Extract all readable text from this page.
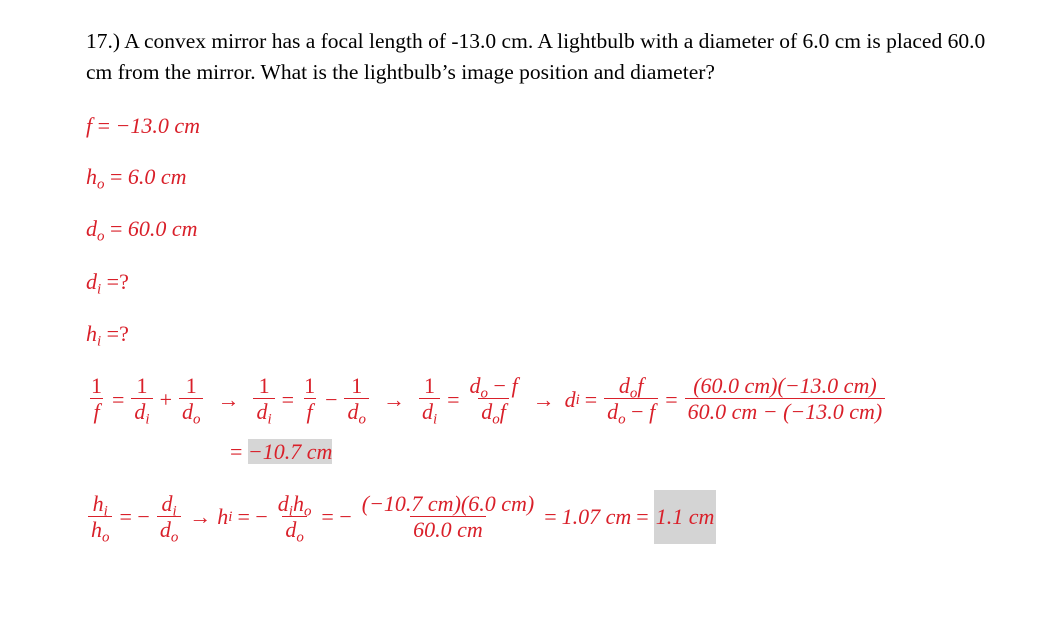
17.) A convex mirror has a focal length of -13.0 cm. A lightbulb with a diameter of 6.0 cm is placed 60.0 cm from the mirror. What is the lightbulb’s image position and diameter?
f = −13.0 cm
$h_o = 6.0$ cm
$d_o = 60.0$ cm
$d_i$ =?
$h_i$ =?
$\frac{1}{f} = \frac{1}{d_i} + \frac{1}{d_o} \to \frac{1}{d_i} = \frac{1}{f} - \frac{1}{d_o} \to \frac{1}{d_i} = \frac{d_o - f}{d_of} \to d$ $i = \frac{d_of}{d_o - f} = \frac{(60.0 cm)(-13.0 cm)}{60.0 cm - (-13.0 cm)}$
= −10.7 cm
$\frac{h_i}{h_o}$ = − $\frac{d_i}{d_o} \to h$ i = − $\frac{d_ih_o}{d_o}$ = − $\frac{(-10.7 cm)(6.0 cm)}{60.0 cm} = 1.07$ cm = 1.1 cm
